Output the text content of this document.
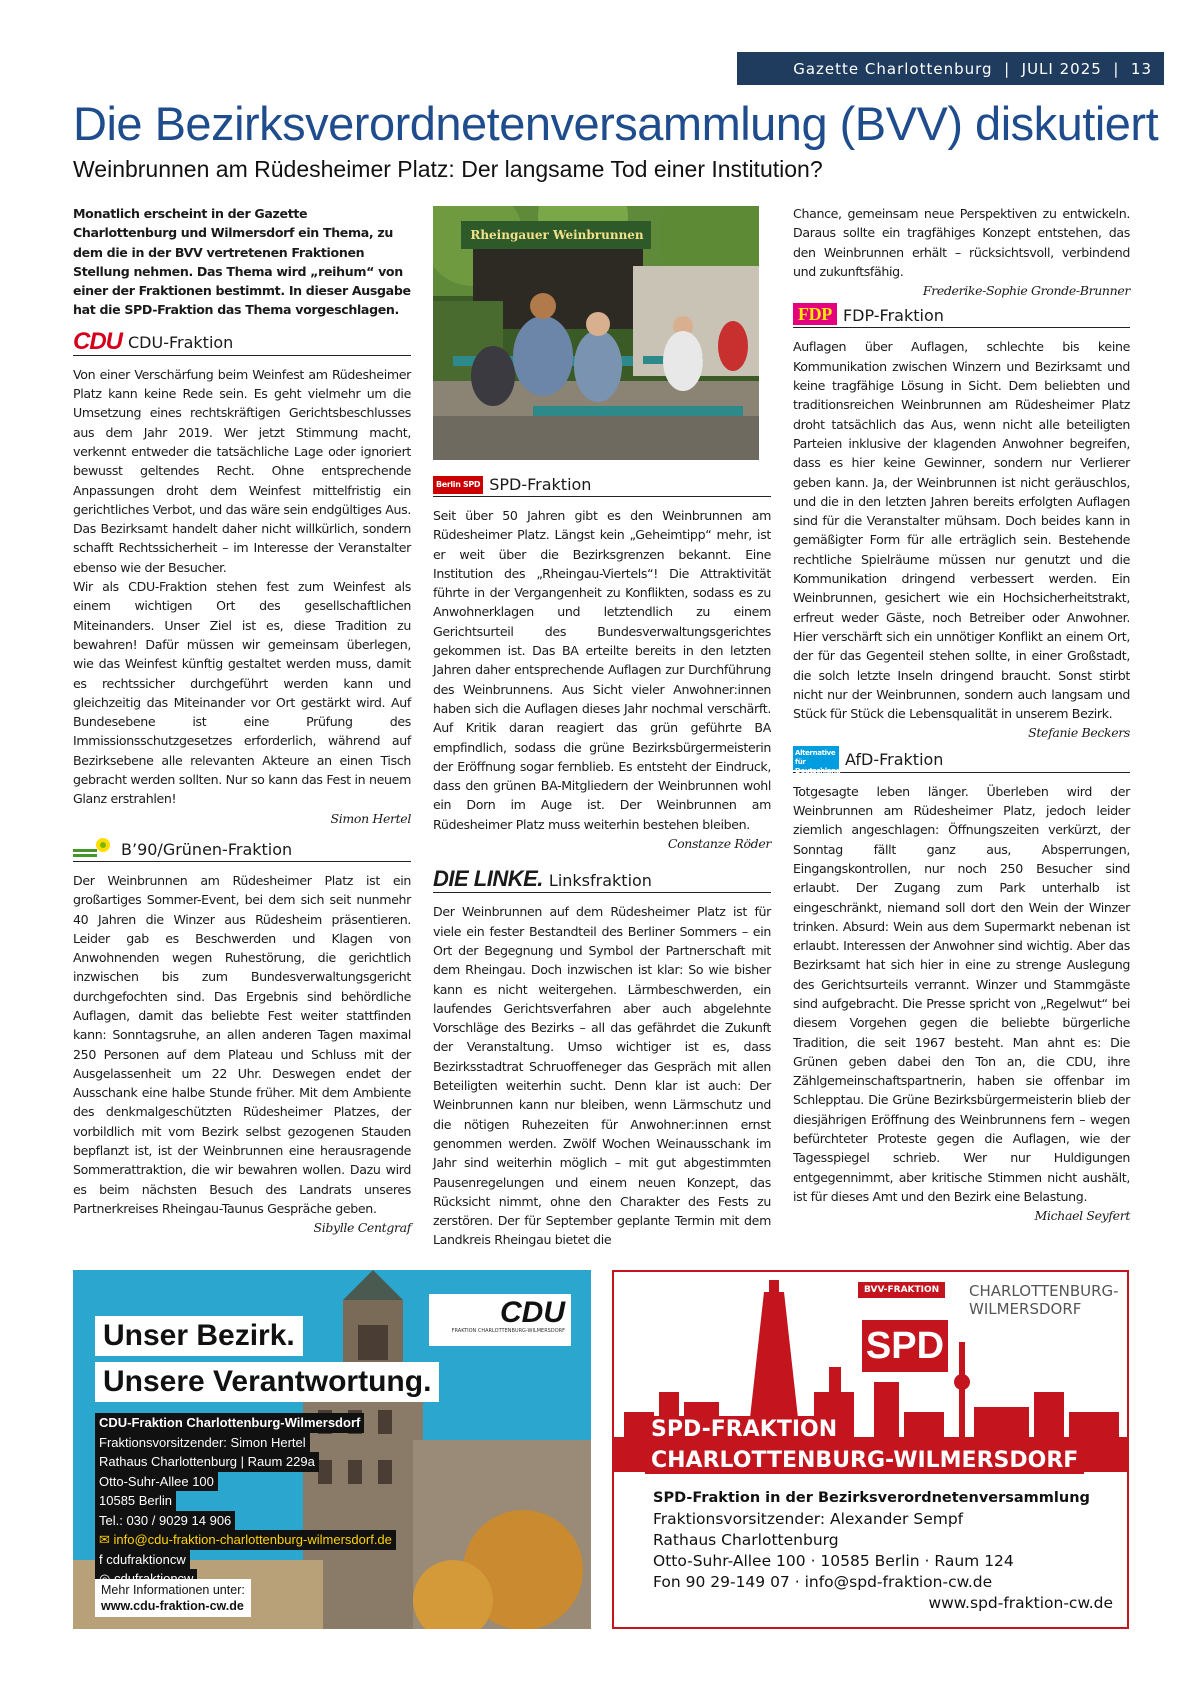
Gazette Charlottenburg  |  JULI 2025  |  13
Die Bezirksverordnetenversammlung (BVV) diskutiert
Weinbrunnen am Rüdesheimer Platz: Der langsame Tod einer Institution?

Monatlich erscheint in der Gazette Charlottenburg und Wilmersdorf ein Thema, zu dem die in der BVV vertretenen Fraktionen Stellung nehmen. Das Thema wird „reihum“ von einer der Fraktionen bestimmt. In dieser Ausgabe hat die SPD-Fraktion das Thema vorgeschlagen.

CDU CDU-Fraktion

Von einer Verschärfung beim Weinfest am Rüdesheimer Platz kann keine Rede sein. Es geht vielmehr um die Umsetzung eines rechtskräftigen Gerichtsbeschlusses aus dem Jahr 2019. Wer jetzt Stimmung macht, verkennt entweder die tatsächliche Lage oder ignoriert bewusst geltendes Recht. Ohne entsprechende Anpassungen droht dem Weinfest mittelfristig ein gerichtliches Verbot, und das wäre sein endgültiges Aus. Das Bezirksamt handelt daher nicht willkürlich, sondern schafft Rechtssicherheit – im Interesse der Veranstalter ebenso wie der Besucher.

Wir als CDU-Fraktion stehen fest zum Weinfest als einem wichtigen Ort des gesellschaftlichen Miteinanders. Unser Ziel ist es, diese Tradition zu bewahren! Dafür müssen wir gemeinsam überlegen, wie das Weinfest künftig gestaltet werden muss, damit es rechtssicher durchgeführt werden kann und gleichzeitig das Miteinander vor Ort gestärkt wird. Auf Bundesebene ist eine Prüfung des Immissionsschutzgesetzes erforderlich, während auf Bezirksebene alle relevanten Akteure an einen Tisch gebracht werden sollten. Nur so kann das Fest in neuem Glanz erstrahlen!

Simon Hertel

B’90/Grünen-Fraktion

Der Weinbrunnen am Rüdesheimer Platz ist ein großartiges Sommer-Event, bei dem sich seit nunmehr 40 Jahren die Winzer aus Rüdesheim präsentieren. Leider gab es Beschwerden und Klagen von Anwohnenden wegen Ruhestörung, die gerichtlich inzwischen bis zum Bundesverwaltungsgericht durchgefochten sind. Das Ergebnis sind behördliche Auflagen, damit das beliebte Fest weiter stattfinden kann: Sonntagsruhe, an allen anderen Tagen maximal 250 Personen auf dem Plateau und Schluss mit der Ausgelassenheit um 22 Uhr. Deswegen endet der Ausschank eine halbe Stunde früher. Mit dem Ambiente des denkmalgeschützten Rüdesheimer Platzes, der vorbildlich mit vom Bezirk selbst gezogenen Stauden bepflanzt ist, ist der Weinbrunnen eine herausragende Sommerattraktion, die wir bewahren wollen. Dazu wird es beim nächsten Besuch des Landrats unseres Partnerkreises Rheingau-Taunus Gespräche geben.

Sibylle Centgraf

Rheingauer Weinbrunnen
Berlin SPD SPD-Fraktion

Seit über 50 Jahren gibt es den Weinbrunnen am Rüdesheimer Platz. Längst kein „Geheimtipp“ mehr, ist er weit über die Bezirksgrenzen bekannt. Eine Institution des „Rheingau-Viertels“! Die Attraktivität führte in der Vergangenheit zu Konflikten, sodass es zu Anwohnerklagen und letztendlich zu einem Gerichtsurteil des Bundesverwaltungsgerichtes gekommen ist. Das BA erteilte bereits in den letzten Jahren daher entsprechende Auflagen zur Durchführung des Weinbrunnens. Aus Sicht vieler Anwohner:innen haben sich die Auflagen dieses Jahr nochmal verschärft. Auf Kritik daran reagiert das grün geführte BA empfindlich, sodass die grüne Bezirksbürgermeisterin der Eröffnung sogar fernblieb. Es entsteht der Eindruck, dass den grünen BA-Mitgliedern der Weinbrunnen wohl ein Dorn im Auge ist. Der Weinbrunnen am Rüdesheimer Platz muss weiterhin bestehen bleiben.

Constanze Röder

DIE LINKE. Linksfraktion

Der Weinbrunnen auf dem Rüdesheimer Platz ist für viele ein fester Bestandteil des Berliner Sommers – ein Ort der Begegnung und Symbol der Partnerschaft mit dem Rheingau. Doch inzwischen ist klar: So wie bisher kann es nicht weitergehen. Lärmbeschwerden, ein laufendes Gerichtsverfahren aber auch abgelehnte Vorschläge des Bezirks – all das gefährdet die Zukunft der Veranstaltung. Umso wichtiger ist es, dass Bezirksstadtrat Schruoffeneger das Gespräch mit allen Beteiligten weiterhin sucht. Denn klar ist auch: Der Weinbrunnen kann nur bleiben, wenn Lärmschutz und die nötigen Ruhezeiten für Anwohner:innen ernst genommen werden. Zwölf Wochen Weinausschank im Jahr sind weiterhin möglich – mit gut abgestimmten Pausenregelungen und einem neuen Konzept, das Rücksicht nimmt, ohne den Charakter des Fests zu zerstören. Der für September geplante Termin mit dem Landkreis Rheingau bietet die

Chance, gemeinsam neue Perspektiven zu entwickeln. Daraus sollte ein tragfähiges Konzept entstehen, das den Weinbrunnen erhält – rücksichtsvoll, verbindend und zukunftsfähig.

Frederike-Sophie Gronde-Brunner

FDP FDP-Fraktion

Auflagen über Auflagen, schlechte bis keine Kommunikation zwischen Winzern und Bezirksamt und keine tragfähige Lösung in Sicht. Dem beliebten und traditionsreichen Weinbrunnen am Rüdesheimer Platz droht tatsächlich das Aus, wenn nicht alle beteiligten Parteien inklusive der klagenden Anwohner begreifen, dass es hier keine Gewinner, sondern nur Verlierer geben kann. Ja, der Weinbrunnen ist nicht geräuschlos, und die in den letzten Jahren bereits erfolgten Auflagen sind für die Veranstalter mühsam. Doch beides kann in gemäßigter Form für alle erträglich sein. Bestehende rechtliche Spielräume müssen nur genutzt und die Kommunikation dringend verbessert werden. Ein Weinbrunnen, gesichert wie ein Hochsicherheitstrakt, erfreut weder Gäste, noch Betreiber oder Anwohner. Hier verschärft sich ein unnötiger Konflikt an einem Ort, der für das Gegenteil stehen sollte, in einer Großstadt, die solch letzte Inseln dringend braucht. Sonst stirbt nicht nur der Weinbrunnen, sondern auch langsam und Stück für Stück die Lebensqualität in unserem Bezirk.

Stefanie Beckers

Alternative für Deutschland
AfD-Fraktion

Totgesagte leben länger. Überleben wird der Weinbrunnen am Rüdesheimer Platz, jedoch leider ziemlich angeschlagen: Öffnungszeiten verkürzt, der Sonntag fällt ganz aus, Absperrungen, Eingangskontrollen, nur noch 250 Besucher sind erlaubt. Der Zugang zum Park unterhalb ist eingeschränkt, niemand soll dort den Wein der Winzer trinken. Absurd: Wein aus dem Supermarkt nebenan ist erlaubt. Interessen der Anwohner sind wichtig. Aber das Bezirksamt hat sich hier in eine zu strenge Auslegung des Gerichtsurteils verrannt. Winzer und Stammgäste sind aufgebracht. Die Presse spricht von „Regelwut“ bei diesem Vorgehen gegen die beliebte bürgerliche Tradition, die seit 1967 besteht. Man ahnt es: Die Grünen geben dabei den Ton an, die CDU, ihre Zählgemeinschaftspartnerin, haben sie offenbar im Schlepptau. Die Grüne Bezirksbürgermeisterin blieb der diesjährigen Eröffnung des Weinbrunnens fern – wegen befürchteter Proteste gegen die Auflagen, wie der Tagesspiegel schrieb. Wer nur Huldigungen entgegennimmt, aber kritische Stimmen nicht aushält, ist für dieses Amt und den Bezirk eine Belastung.

Michael Seyfert

CDU
FRAKTION CHARLOTTENBURG-WILMERSDORF
Unser Bezirk.
Unsere Verantwortung.
CDU-Fraktion Charlottenburg-Wilmersdorf
Fraktionsvorsitzender: Simon Hertel
Rathaus Charlottenburg | Raum 229a
Otto-Suhr-Allee 100
10585 Berlin
Tel.: 030 / 9029 14 906
✉ info@cdu-fraktion-charlottenburg-wilmersdorf.de
f cdufraktioncw

Mehr Informationen unter:
www.cdu-fraktion-cw.de
BVV-FRAKTION	CHARLOTTENBURG-
WILMERSDORF
SPD
SPD-FRAKTION
CHARLOTTENBURG-WILMERSDORF
SPD-Fraktion in der Bezirksverordnetenversammlung
Fraktionsvorsitzender: Alexander Sempf
Rathaus Charlottenburg
Otto-Suhr-Allee 100 · 10585 Berlin · Raum 124
Fon 90 29-149 07 · info@spd-fraktion-cw.de
www.spd-fraktion-cw.de
